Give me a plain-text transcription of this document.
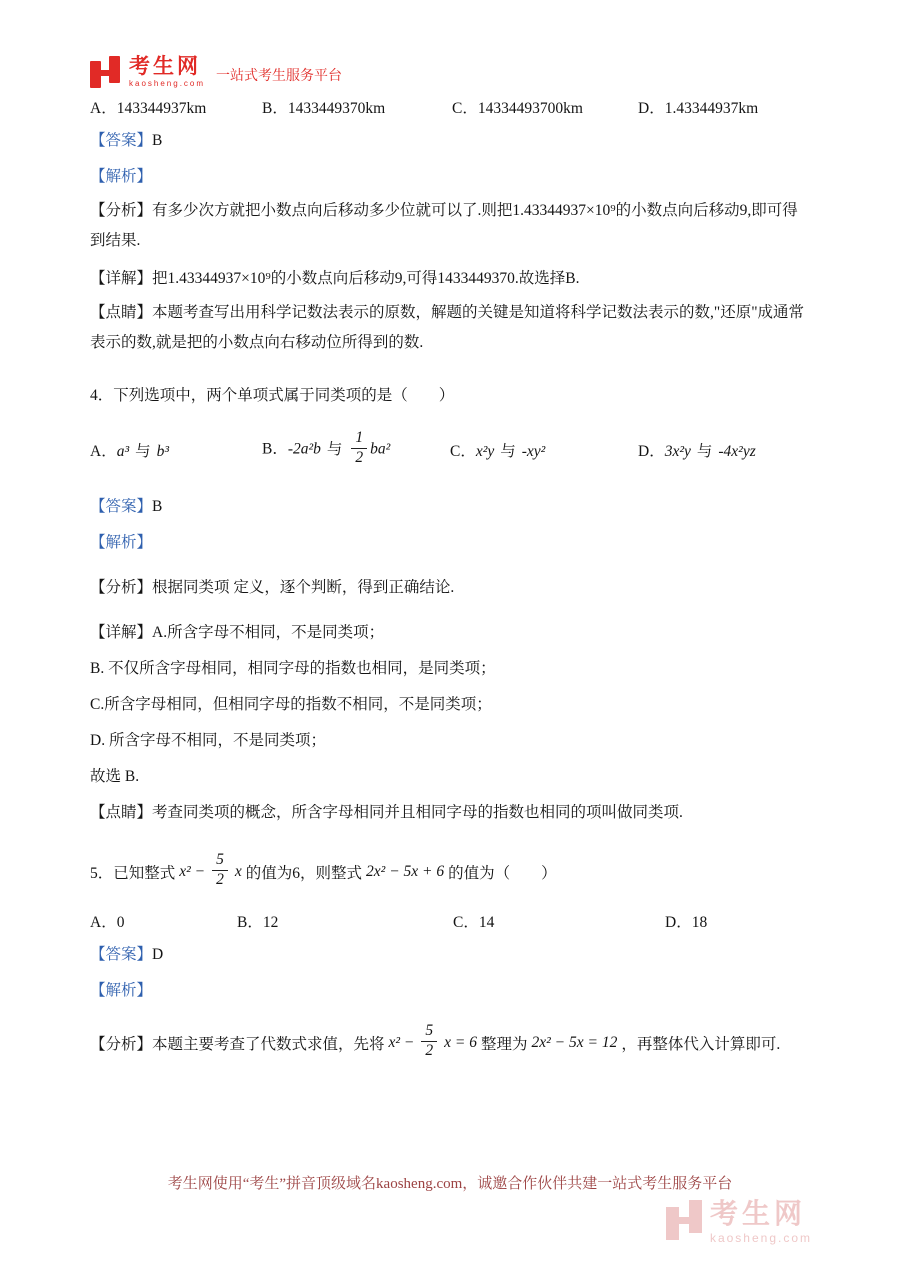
考生网
kaosheng.com
一站式考生服务平台
A．143344937km	B．1433449370km	C．14334493700km	D．1.43344937km

【答案】B

【解析】

【分析】有多少次方就把小数点向后移动多少位就可以了.则把1.43344937×10⁹的小数点向后移动9,即可得到结果.

【详解】把1.43344937×10⁹的小数点向后移动9,可得1433449370.故选择B.

【点睛】本题考查写出用科学记数法表示的原数，解题的关键是知道将科学记数法表示的数,"还原"成通常表示的数,就是把的小数点向右移动位所得到的数.

4．下列选项中，两个单项式属于同类项的是（　　）

A．a³ 与 b³	B．-2a²b 与 $\frac{1}{2} ba^2$	C．x²y 与 -xy²	D．3x²y 与 -4x²yz

【答案】B

【解析】

【分析】根据同类项 定义，逐个判断，得到正确结论.

【详解】A.所含字母不相同，不是同类项；

B. 不仅所含字母相同，相同字母的指数也相同，是同类项；

C.所含字母相同，但相同字母的指数不相同，不是同类项；

D. 所含字母不相同，不是同类项；

故选 B.

【点睛】考查同类项的概念，所含字母相同并且相同字母的指数也相同的项叫做同类项.

5．已知整式 $x^2 - \frac{5}{2}$ x 的值为6，则整式 2x² − 5x + 6 的值为（　　）
A．0	B．12	C．14	D．18

【答案】D

【解析】

【分析】本题主要考查了代数式求值，先将 $x^2 - \frac{5}{2}$ x = 6 整理为 2x² − 5x = 12 ，再整体代入计算即可.
考生网使用“考生”拼音顶级域名kaosheng.com，诚邀合作伙伴共建一站式考生服务平台
考生网
kaosheng.com
